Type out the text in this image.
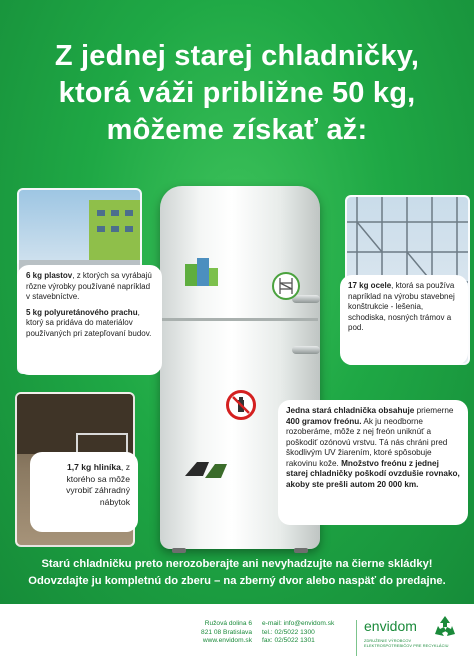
Z jednej starej chladničky,
ktorá váži približne 50 kg,
môžeme získať až:

6 kg plastov, z ktorých sa vyrábajú rôzne výrobky používané napríklad v stavebníctve.

5 kg polyuretánového prachu, ktorý sa pridáva do materiálov používaných pri zatepľovaní budov.

17 kg ocele, ktorá sa používa napríklad na výrobu stavebnej konštrukcie - lešenia, schodiska, nosných trámov a pod.

1,7 kg hliníka, z ktorého sa môže vyrobiť záhradný nábytok

Jedna stará chladnička obsahuje priemerne 400 gramov freónu. Ak ju neodborne rozoberáme, môže z nej freón uniknúť a poškodiť ozónovú vrstvu. Tá nás chráni pred škodlivým UV žiarením, ktoré spôsobuje rakovinu kože. Množstvo freónu z jednej starej chladničky poškodí ovzdušie rovnako, akoby ste prešli autom 20 000 km.

Starú chladničku preto nerozoberajte ani nevyhadzujte na čierne skládky!
Odovzdajte ju kompletnú do zberu – na zberný dvor alebo naspäť do predajne.
Ružová dolina 6
821 08 Bratislava
www.envidom.sk
e-mail: info@envidom.sk
tel.: 02/5022 1300
fax: 02/5022 1301
envidom
ZDRUŽENIE VÝROBCOV
ELEKTROSPOTREBIČOV PRE RECYKLÁCIU
